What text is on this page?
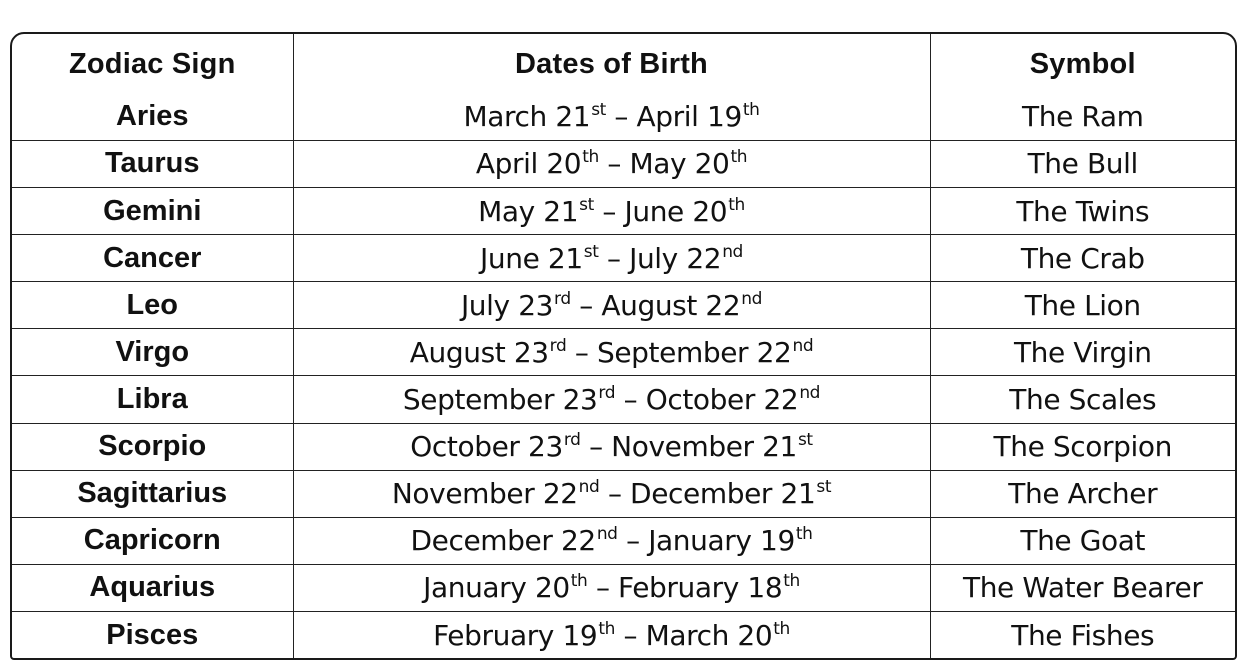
Zodiac Sign	Dates of Birth	Symbol
Aries	March 21st – April 19th	The Ram
Taurus	April 20th – May 20th	The Bull
Gemini	May 21st – June 20th	The Twins
Cancer	June 21st – July 22nd	The Crab
Leo	July 23rd – August 22nd	The Lion
Virgo	August 23rd – September 22nd	The Virgin
Libra	September 23rd – October 22nd	The Scales
Scorpio	October 23rd – November 21st	The Scorpion
Sagittarius	November 22nd – December 21st	The Archer
Capricorn	December 22nd – January 19th	The Goat
Aquarius	January 20th – February 18th	The Water Bearer
Pisces	February 19th – March 20th	The Fishes
